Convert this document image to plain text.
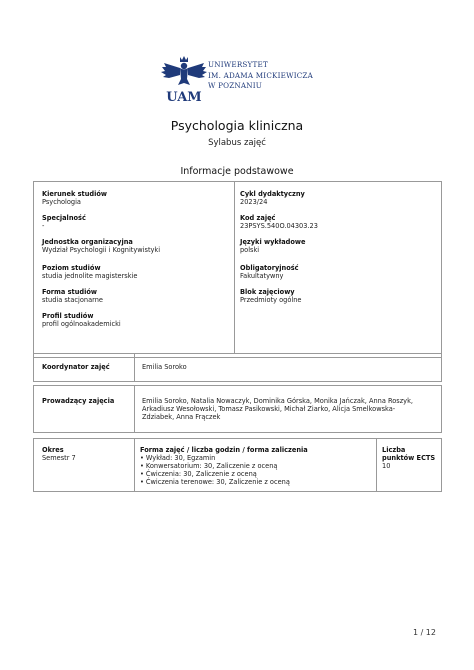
UAM
UNIWERSYTET
IM. ADAMA MICKIEWICZA
W POZNANIU
Psychologia kliniczna
Sylabus zajęć
Informacje podstawowe
Kierunek studiów
Psychologia
Specjalność
-
Jednostka organizacyjna
Wydział Psychologii i Kognitywistyki
Poziom studiów
studia jednolite magisterskie
Forma studiów
studia stacjonarne
Profil studiów
profil ogólnoakademicki
Cykl dydaktyczny
2023/24
Kod zajęć
23PSYS.540O.04303.23
Języki wykładowe
polski
Obligatoryjność
Fakultatywny
Blok zajęciowy
Przedmioty ogólne
Koordynator zajęć	Emilia Soroko
Prowadzący zajęcia	Emilia Soroko, Natalia Nowaczyk, Dominika Górska, Monika Jańczak, Anna Roszyk,
Arkadiusz Wesołowski, Tomasz Pasikowski, Michał Ziarko, Alicja Smelkowska-
Zdziabek, Anna Frączek
Okres
Semestr 7
Forma zajęć / liczba godzin / forma zaliczenia
• Wykład: 30, Egzamin
• Konwersatorium: 30, Zaliczenie z oceną
• Ćwiczenia: 30, Zaliczenie z oceną
• Ćwiczenia terenowe: 30, Zaliczenie z oceną
Liczba
punktów ECTS
10
1 / 12
